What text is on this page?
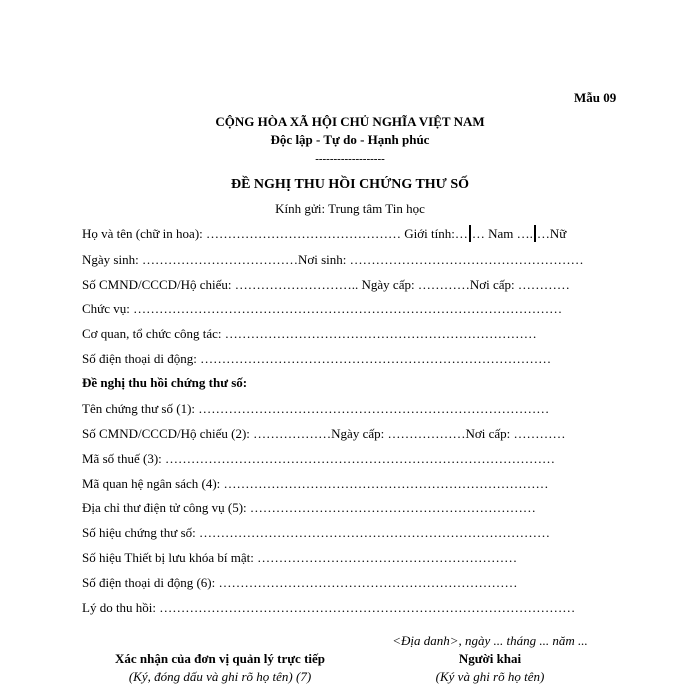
Mẫu 09
CỘNG HÒA XÃ HỘI CHỦ NGHĨA VIỆT NAM
Độc lập - Tự do - Hạnh phúc
-------------------
ĐỀ NGHỊ THU HỒI CHỨNG THƯ SỐ
Kính gửi: Trung tâm Tin học
Họ và tên (chữ in hoa): ……………………………………… Giới tính:… … Nam …. …Nữ
Ngày sinh: ………………………………Nơi sinh: ………………………………………………
Số CMND/CCCD/Hộ chiếu: ……………………….. Ngày cấp: …………Nơi cấp: …………
Chức vụ: ………………………………………………………………………………………
Cơ quan, tổ chức công tác: ………………………………………………………………
Số điện thoại di động: ………………………………………………………………………
Đề nghị thu hồi chứng thư số:
Tên chứng thư số (1): ………………………………………………………………………
Số CMND/CCCD/Hộ chiếu (2): ………………Ngày cấp: ………………Nơi cấp: …………
Mã số thuế (3): ………………………………………………………………………………
Mã quan hệ ngân sách (4): …………………………………………………………………
Địa chỉ thư điện tử công vụ (5): …………………………………………………………
Số hiệu chứng thư số: ………………………………………………………………………
Số hiệu Thiết bị lưu khóa bí mật: ……………………………………………………
Số điện thoại di động (6): ……………………………………………………………
Lý do thu hồi: ……………………………………………………………………………………
<Địa danh>, ngày ... tháng ... năm ...
Xác nhận của đơn vị quản lý trực tiếp
(Ký, đóng dấu và ghi rõ họ tên) (7)
Người khai
(Ký và ghi rõ họ tên)
